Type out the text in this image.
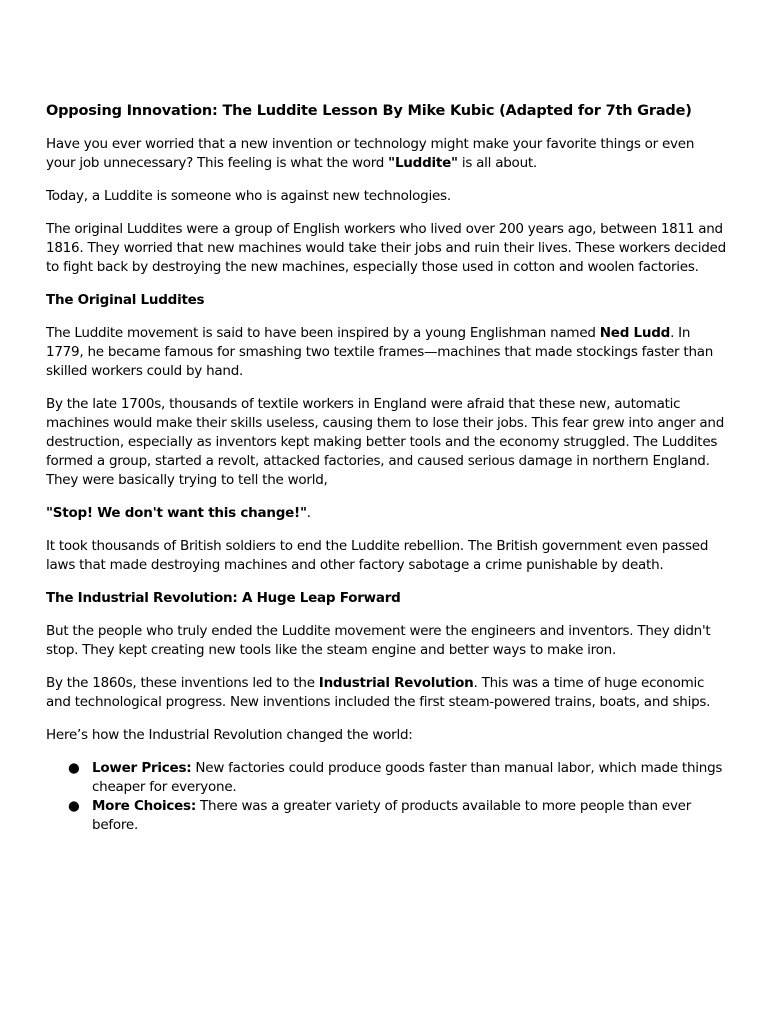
Opposing Innovation: The Luddite Lesson By Mike Kubic (Adapted for 7th Grade)

Have you ever worried that a new invention or technology might make your favorite things or even your job unnecessary? This feeling is what the word "Luddite" is all about.

Today, a Luddite is someone who is against new technologies.

The original Luddites were a group of English workers who lived over 200 years ago, between 1811 and 1816. They worried that new machines would take their jobs and ruin their lives. These workers decided to fight back by destroying the new machines, especially those used in cotton and woolen factories.

The Original Luddites

The Luddite movement is said to have been inspired by a young Englishman named Ned Ludd. In 1779, he became famous for smashing two textile frames—machines that made stockings faster than skilled workers could by hand.

By the late 1700s, thousands of textile workers in England were afraid that these new, automatic machines would make their skills useless, causing them to lose their jobs. This fear grew into anger and destruction, especially as inventors kept making better tools and the economy struggled. The Luddites formed a group, started a revolt, attacked factories, and caused serious damage in northern England. They were basically trying to tell the world,

"Stop! We don't want this change!".

It took thousands of British soldiers to end the Luddite rebellion. The British government even passed laws that made destroying machines and other factory sabotage a crime punishable by death.

The Industrial Revolution: A Huge Leap Forward

But the people who truly ended the Luddite movement were the engineers and inventors. They didn't stop. They kept creating new tools like the steam engine and better ways to make iron.

By the 1860s, these inventions led to the Industrial Revolution. This was a time of huge economic and technological progress. New inventions included the first steam-powered trains, boats, and ships.

Here’s how the Industrial Revolution changed the world:

● Lower Prices: New factories could produce goods faster than manual labor, which made things cheaper for everyone.
● More Choices: There was a greater variety of products available to more people than ever before.
